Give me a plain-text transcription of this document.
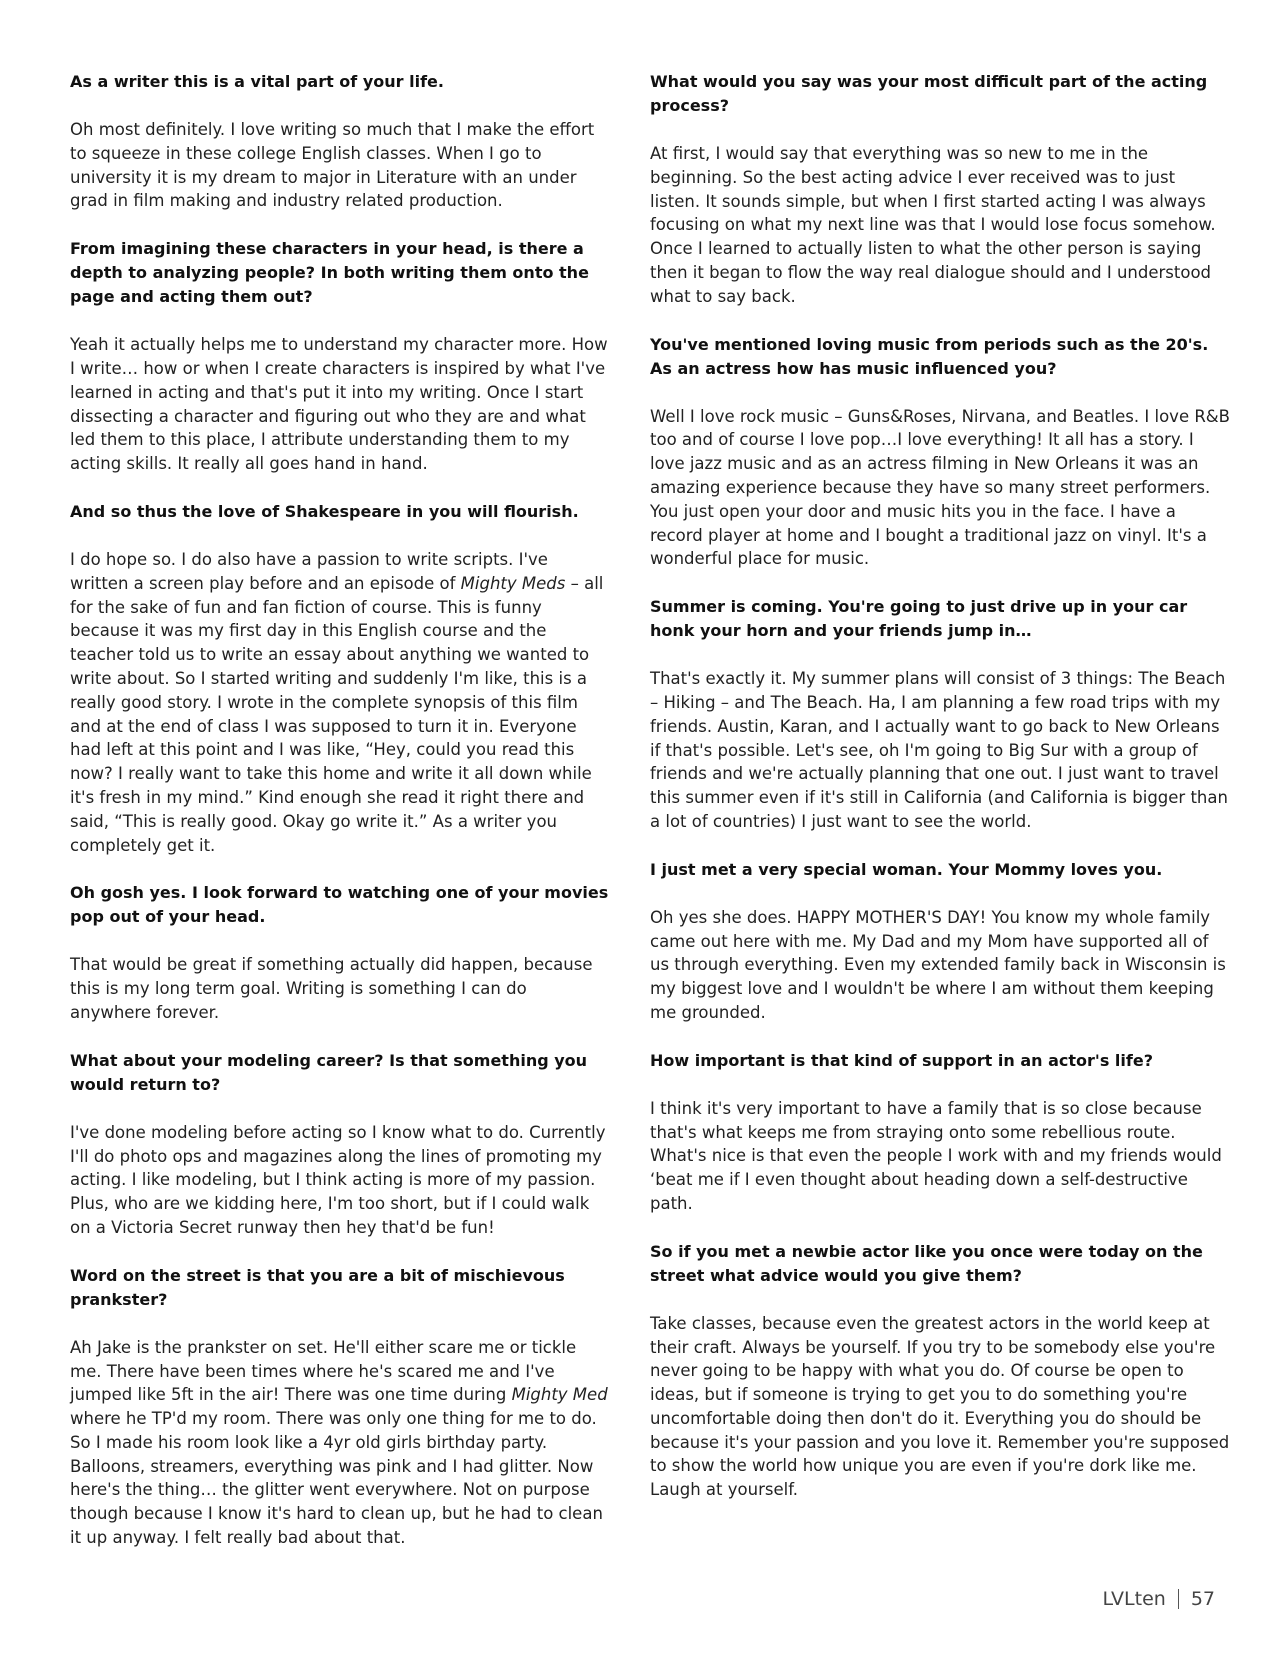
As a writer this is a vital part of your life.

Oh most definitely. I love writing so much that I make the effort to squeeze in these college English classes. When I go to university it is my dream to major in Literature with an under grad in film making and industry related production.

From imagining these characters in your head, is there a depth to analyzing people? In both writing them onto the page and acting them out?

Yeah it actually helps me to understand my character more. How I write… how or when I create characters is inspired by what I've learned in acting and that's put it into my writing. Once I start dissecting a character and figuring out who they are and what led them to this place, I attribute understanding them to my acting skills. It really all goes hand in hand.

And so thus the love of Shakespeare in you will flourish.

I do hope so. I do also have a passion to write scripts. I've written a screen play before and an episode of Mighty Meds – all for the sake of fun and fan fiction of course. This is funny because it was my first day in this English course and the teacher told us to write an essay about anything we wanted to write about. So I started writing and suddenly I'm like, this is a really good story. I wrote in the complete synopsis of this film and at the end of class I was supposed to turn it in. Everyone had left at this point and I was like, “Hey, could you read this now? I really want to take this home and write it all down while it's fresh in my mind.” Kind enough she read it right there and said, “This is really good. Okay go write it.” As a writer you completely get it.

Oh gosh yes. I look forward to watching one of your movies pop out of your head.

That would be great if something actually did happen, because this is my long term goal. Writing is something I can do anywhere forever.

What about your modeling career? Is that something you would return to?

I've done modeling before acting so I know what to do. Currently I'll do photo ops and magazines along the lines of promoting my acting. I like modeling, but I think acting is more of my passion. Plus, who are we kidding here, I'm too short, but if I could walk on a Victoria Secret runway then hey that'd be fun!

Word on the street is that you are a bit of mischievous prankster?

Ah Jake is the prankster on set. He'll either scare me or tickle me. There have been times where he's scared me and I've jumped like 5ft in the air! There was one time during Mighty Med where he TP'd my room. There was only one thing for me to do. So I made his room look like a 4yr old girls birthday party. Balloons, streamers, everything was pink and I had glitter. Now here's the thing… the glitter went everywhere. Not on purpose though because I know it's hard to clean up, but he had to clean it up anyway. I felt really bad about that.

What would you say was your most difficult part of the acting process?

At first, I would say that everything was so new to me in the beginning. So the best acting advice I ever received was to just listen. It sounds simple, but when I first started acting I was always focusing on what my next line was that I would lose focus somehow. Once I learned to actually listen to what the other person is saying then it began to flow the way real dialogue should and I understood what to say back.

You've mentioned loving music from periods such as the 20's. As an actress how has music influenced you?

Well I love rock music – Guns&Roses, Nirvana, and Beatles. I love R&B too and of course I love pop…I love everything! It all has a story. I love jazz music and as an actress filming in New Orleans it was an amazing experience because they have so many street performers. You just open your door and music hits you in the face. I have a record player at home and I bought a traditional jazz on vinyl. It's a wonderful place for music.

Summer is coming. You're going to just drive up in your car honk your horn and your friends jump in…

That's exactly it. My summer plans will consist of 3 things: The Beach – Hiking – and The Beach. Ha, I am planning a few road trips with my friends. Austin, Karan, and I actually want to go back to New Orleans if that's possible. Let's see, oh I'm going to Big Sur with a group of friends and we're actually planning that one out. I just want to travel this summer even if it's still in California (and California is bigger than a lot of countries) I just want to see the world.

I just met a very special woman. Your Mommy loves you.

Oh yes she does. HAPPY MOTHER'S DAY! You know my whole family came out here with me. My Dad and my Mom have supported all of us through everything. Even my extended family back in Wisconsin is my biggest love and I wouldn't be where I am without them keeping me grounded.

How important is that kind of support in an actor's life?

I think it's very important to have a family that is so close because that's what keeps me from straying onto some rebellious route. What's nice is that even the people I work with and my friends would ‘beat me if I even thought about heading down a self-destructive path.

So if you met a newbie actor like you once were today on the street what advice would you give them?

Take classes, because even the greatest actors in the world keep at their craft. Always be yourself. If you try to be somebody else you're never going to be happy with what you do. Of course be open to ideas, but if someone is trying to get you to do something you're uncomfortable doing then don't do it. Everything you do should be because it's your passion and you love it. Remember you're supposed to show the world how unique you are even if you're dork like me. Laugh at yourself.

LVLten 57
